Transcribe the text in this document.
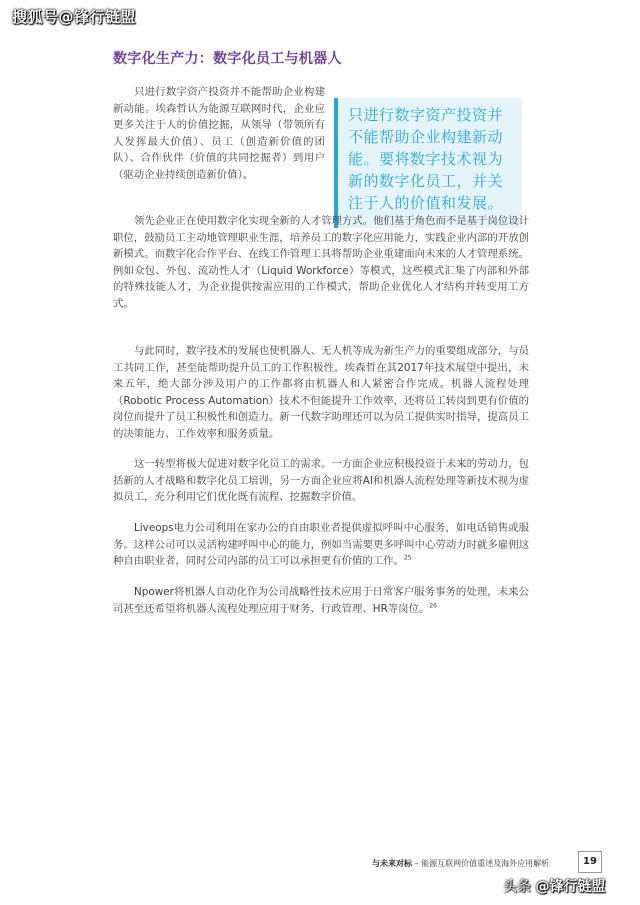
搜狐号@锋行链盟
数字化生产力：数字化员工与机器人

只进行数字资产投资并不能帮助企业构建新动能。埃森哲认为能源互联网时代，企业应更多关注于人的价值挖掘，从领导（带领所有人发挥最大价值）、员工（创造新价值的团队）、合作伙伴（价值的共同挖掘者）到用户（驱动企业持续创造新价值）。

只进行数字资产投资并不能帮助企业构建新动能。要将数字技术视为新的数字化员工，并关注于人的价值和发展。

领先企业正在使用数字化实现全新的人才管理方式。他们基于角色而不是基于岗位设计职位，鼓励员工主动地管理职业生涯，培养员工的数字化应用能力，实践企业内部的开放创新模式。而数字化合作平台、在线工作管理工具将帮助企业重建面向未来的人才管理系统。例如众包、外包、流动性人才（Liquid Workforce）等模式，这些模式汇集了内部和外部的特殊技能人才，为企业提供按需应用的工作模式，帮助企业优化人才结构并转变用工方式。

与此同时，数字技术的发展也使机器人、无人机等成为新生产力的重要组成部分，与员工共同工作，甚至能帮助提升员工的工作积极性。埃森哲在其2017年技术展望中提出，未来五年，绝大部分涉及用户的工作都将由机器人和人紧密合作完成。机器人流程处理（Robotic Process Automation）技术不但能提升工作效率，还将员工转岗到更有价值的岗位而提升了员工积极性和创造力。新一代数字助理还可以为员工提供实时指导，提高员工的决策能力、工作效率和服务质量。

这一转型将极大促进对数字化员工的需求。一方面企业应积极投资于未来的劳动力，包括新的人才战略和数字化员工培训，另一方面企业应将AI和机器人流程处理等新技术视为虚拟员工，充分利用它们优化既有流程、挖掘数字价值。

Liveops电力公司利用在家办公的自由职业者提供虚拟呼叫中心服务，如电话销售或服务。这样公司可以灵活构建呼叫中心的能力，例如当需要更多呼叫中心劳动力时就多雇佣这种自由职业者，同时公司内部的员工可以承担更有价值的工作。$^{25}$

Npower将机器人自动化作为公司战略性技术应用于日常客户服务事务的处理，未来公司甚至还希望将机器人流程处理应用于财务、行政管理、HR等岗位。$^{26}$

与未来对标 – 能源互联网价值重述及海外应用解析	19
头条 @锋行链盟
